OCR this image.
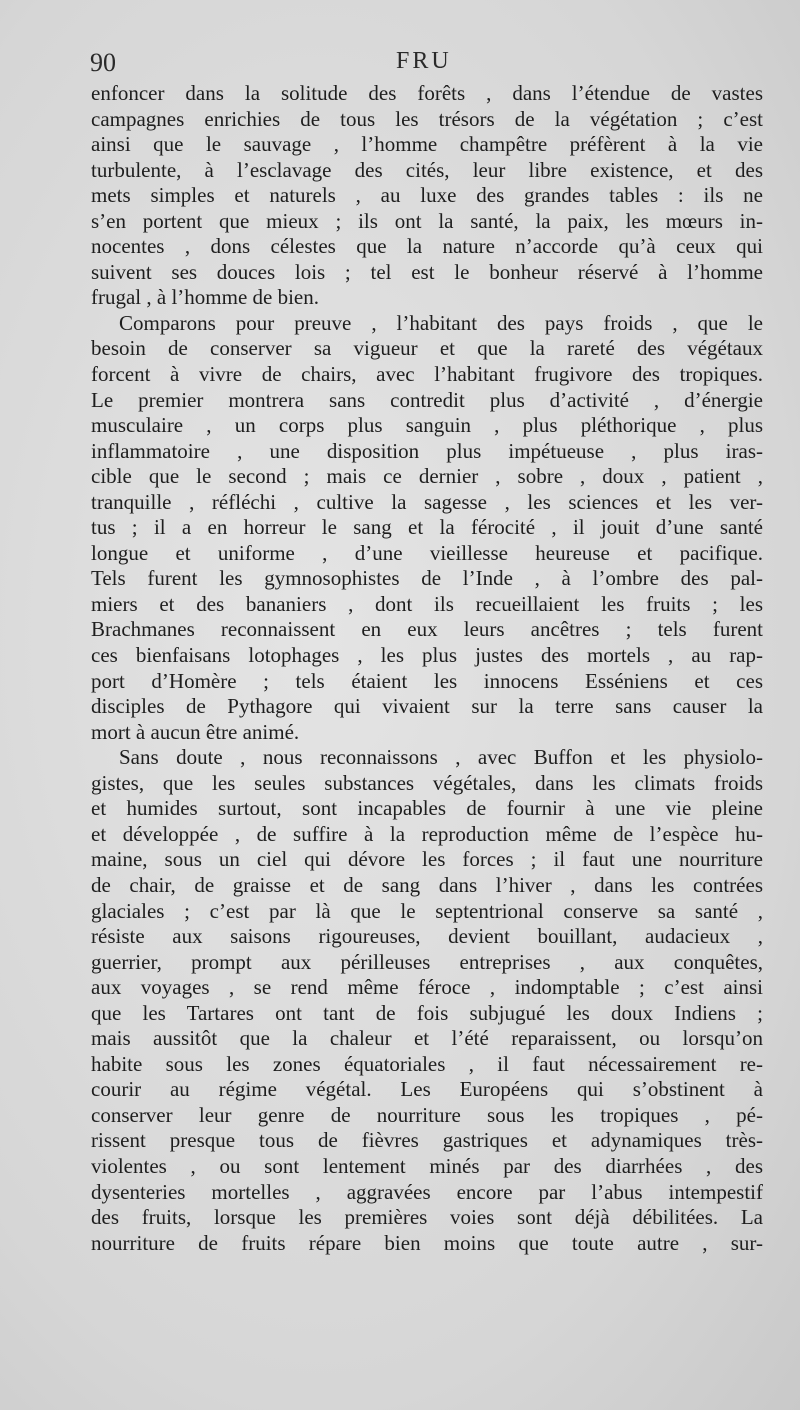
90	FRU
enfoncer dans la solitude des forêts , dans l’étendue de vastes
campagnes enrichies de tous les trésors de la végétation ; c’est
ainsi que le sauvage , l’homme champêtre préfèrent à la vie
turbulente, à l’esclavage des cités, leur libre existence, et des
mets simples et naturels , au luxe des grandes tables : ils ne
s’en portent que mieux ; ils ont la santé, la paix, les mœurs in-
nocentes , dons célestes que la nature n’accorde qu’à ceux qui
suivent ses douces lois ; tel est le bonheur réservé à l’homme
frugal , à l’homme de bien.
Comparons pour preuve , l’habitant des pays froids , que le
besoin de conserver sa vigueur et que la rareté des végétaux
forcent à vivre de chairs, avec l’habitant frugivore des tropiques.
Le premier montrera sans contredit plus d’activité , d’énergie
musculaire , un corps plus sanguin , plus pléthorique , plus
inflammatoire , une disposition plus impétueuse , plus iras-
cible que le second ; mais ce dernier , sobre , doux , patient ,
tranquille , réfléchi , cultive la sagesse , les sciences et les ver-
tus ; il a en horreur le sang et la férocité , il jouit d’une santé
longue et uniforme , d’une vieillesse heureuse et pacifique.
Tels furent les gymnosophistes de l’Inde , à l’ombre des pal-
miers et des bananiers , dont ils recueillaient les fruits ; les
Brachmanes reconnaissent en eux leurs ancêtres ; tels furent
ces bienfaisans lotophages , les plus justes des mortels , au rap-
port d’Homère ; tels étaient les innocens Esséniens et ces
disciples de Pythagore qui vivaient sur la terre sans causer la
mort à aucun être animé.
Sans doute , nous reconnaissons , avec Buffon et les physiolo-
gistes, que les seules substances végétales, dans les climats froids
et humides surtout, sont incapables de fournir à une vie pleine
et développée , de suffire à la reproduction même de l’espèce hu-
maine, sous un ciel qui dévore les forces ; il faut une nourriture
de chair, de graisse et de sang dans l’hiver , dans les contrées
glaciales ; c’est par là que le septentrional conserve sa santé ,
résiste aux saisons rigoureuses, devient bouillant, audacieux ,
guerrier, prompt aux périlleuses entreprises , aux conquêtes,
aux voyages , se rend même féroce , indomptable ; c’est ainsi
que les Tartares ont tant de fois subjugué les doux Indiens ;
mais aussitôt que la chaleur et l’été reparaissent, ou lorsqu’on
habite sous les zones équatoriales , il faut nécessairement re-
courir au régime végétal. Les Européens qui s’obstinent à
conserver leur genre de nourriture sous les tropiques , pé-
rissent presque tous de fièvres gastriques et adynamiques très-
violentes , ou sont lentement minés par des diarrhées , des
dysenteries mortelles , aggravées encore par l’abus intempestif
des fruits, lorsque les premières voies sont déjà débilitées. La
nourriture de fruits répare bien moins que toute autre , sur-
